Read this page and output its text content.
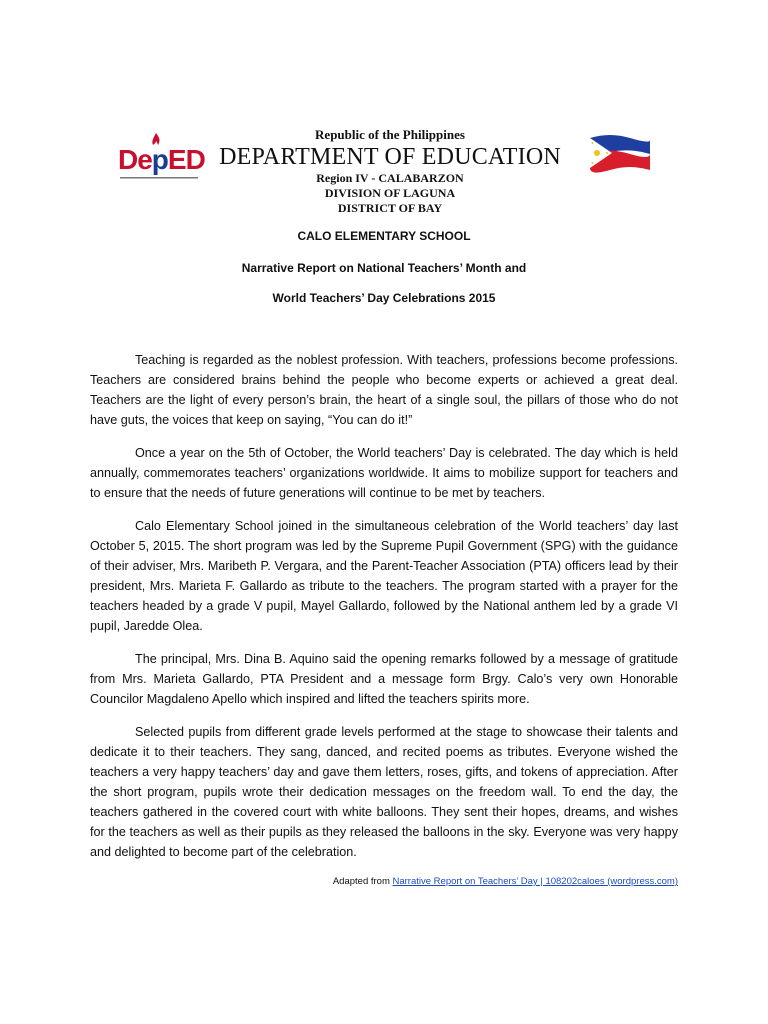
DepED
Republic of the Philippines
DEPARTMENT OF EDUCATION
Region IV - CALABARZON
DIVISION OF LAGUNA
DISTRICT OF BAY
CALO ELEMENTARY SCHOOL
Narrative Report on National Teachers’ Month and
World Teachers’ Day Celebrations 2015

Teaching is regarded as the noblest profession. With teachers, professions become professions. Teachers are considered brains behind the people who become experts or achieved a great deal. Teachers are the light of every person’s brain, the heart of a single soul, the pillars of those who do not have guts, the voices that keep on saying, “You can do it!”

Once a year on the 5th of October, the World teachers’ Day is celebrated. The day which is held annually, commemorates teachers’ organizations worldwide. It aims to mobilize support for teachers and to ensure that the needs of future generations will continue to be met by teachers.

Calo Elementary School joined in the simultaneous celebration of the World teachers’ day last October 5, 2015. The short program was led by the Supreme Pupil Government (SPG) with the guidance of their adviser, Mrs. Maribeth P. Vergara, and the Parent-Teacher Association (PTA) officers lead by their president, Mrs. Marieta F. Gallardo as tribute to the teachers. The program started with a prayer for the teachers headed by a grade V pupil, Mayel Gallardo, followed by the National anthem led by a grade VI pupil, Jaredde Olea.

The principal, Mrs. Dina B. Aquino said the opening remarks followed by a message of gratitude from Mrs. Marieta Gallardo, PTA President and a message form Brgy. Calo’s very own Honorable Councilor Magdaleno Apello which inspired and lifted the teachers spirits more.

Selected pupils from different grade levels performed at the stage to showcase their talents and dedicate it to their teachers. They sang, danced, and recited poems as tributes. Everyone wished the teachers a very happy teachers’ day and gave them letters, roses, gifts, and tokens of appreciation. After the short program, pupils wrote their dedication messages on the freedom wall. To end the day, the teachers gathered in the covered court with white balloons. They sent their hopes, dreams, and wishes for the teachers as well as their pupils as they released the balloons in the sky. Everyone was very happy and delighted to become part of the celebration.

Adapted from Narrative Report on Teachers’ Day | 108202caloes (wordpress.com)
